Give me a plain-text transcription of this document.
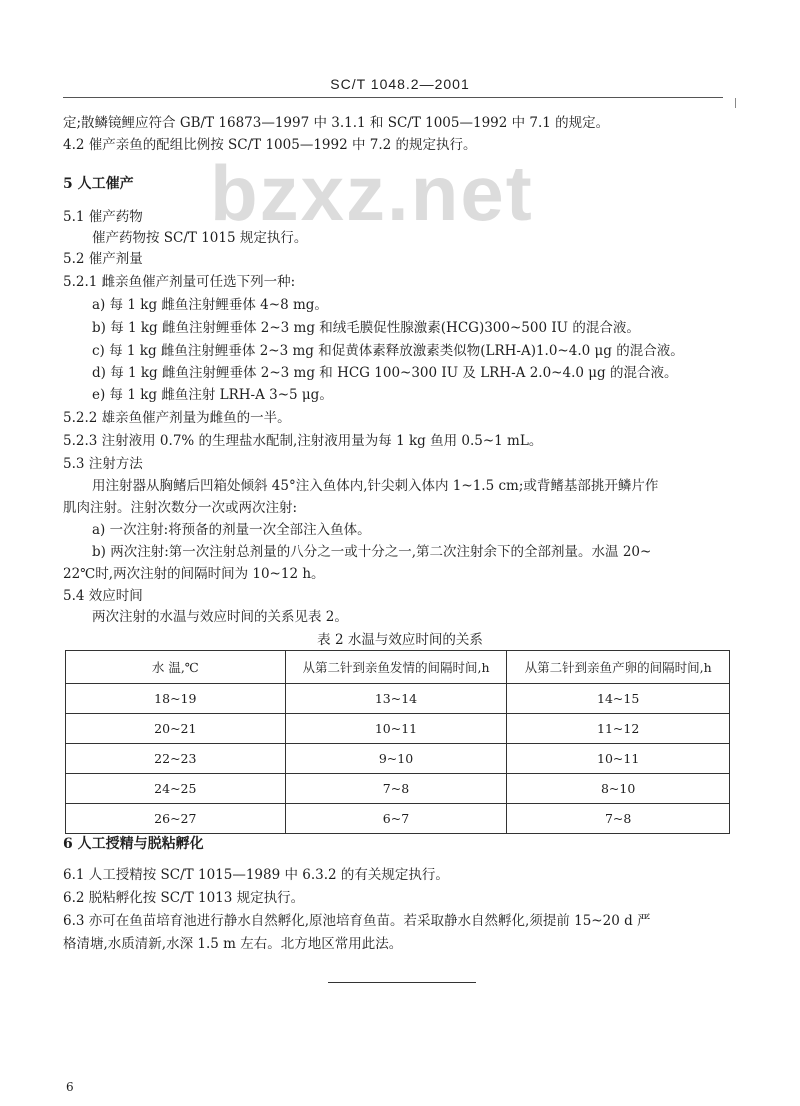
SC/T 1048.2—2001
bzxz.net
定;散鳞镜鲤应符合 GB/T 16873—1997 中 3.1.1 和 SC/T 1005—1992 中 7.1 的规定。
4.2 催产亲鱼的配组比例按 SC/T 1005—1992 中 7.2 的规定执行。
5 人工催产
5.1 催产药物
催产药物按 SC/T 1015 规定执行。
5.2 催产剂量
5.2.1 雌亲鱼催产剂量可任选下列一种:
a) 每 1 kg 雌鱼注射鲤垂体 4~8 mg。
b) 每 1 kg 雌鱼注射鲤垂体 2~3 mg 和绒毛膜促性腺激素(HCG)300~500 IU 的混合液。
c) 每 1 kg 雌鱼注射鲤垂体 2~3 mg 和促黄体素释放激素类似物(LRH-A)1.0~4.0 μg 的混合液。
d) 每 1 kg 雌鱼注射鲤垂体 2~3 mg 和 HCG 100~300 IU 及 LRH-A 2.0~4.0 μg 的混合液。
e) 每 1 kg 雌鱼注射 LRH-A 3~5 μg。
5.2.2 雄亲鱼催产剂量为雌鱼的一半。
5.2.3 注射液用 0.7% 的生理盐水配制,注射液用量为每 1 kg 鱼用 0.5~1 mL。
5.3 注射方法
用注射器从胸鳍后凹箱处倾斜 45°注入鱼体内,针尖刺入体内 1~1.5 cm;或背鳍基部挑开鳞片作
肌肉注射。注射次数分一次或两次注射:
a) 一次注射:将预备的剂量一次全部注入鱼体。
b) 两次注射:第一次注射总剂量的八分之一或十分之一,第二次注射余下的全部剂量。水温 20~
22℃时,两次注射的间隔时间为 10~12 h。
5.4 效应时间
两次注射的水温与效应时间的关系见表 2。
表 2 水温与效应时间的关系
水 温,℃	从第二针到亲鱼发情的间隔时间,h	从第二针到亲鱼产卵的间隔时间,h
18~19	13~14	14~15
20~21	10~11	11~12
22~23	9~10	10~11
24~25	7~8	8~10
26~27	6~7	7~8
6 人工授精与脱粘孵化
6.1 人工授精按 SC/T 1015—1989 中 6.3.2 的有关规定执行。
6.2 脱粘孵化按 SC/T 1013 规定执行。
6.3 亦可在鱼苗培育池进行静水自然孵化,原池培育鱼苗。若采取静水自然孵化,须提前 15~20 d 严
格清塘,水质清新,水深 1.5 m 左右。北方地区常用此法。
6
